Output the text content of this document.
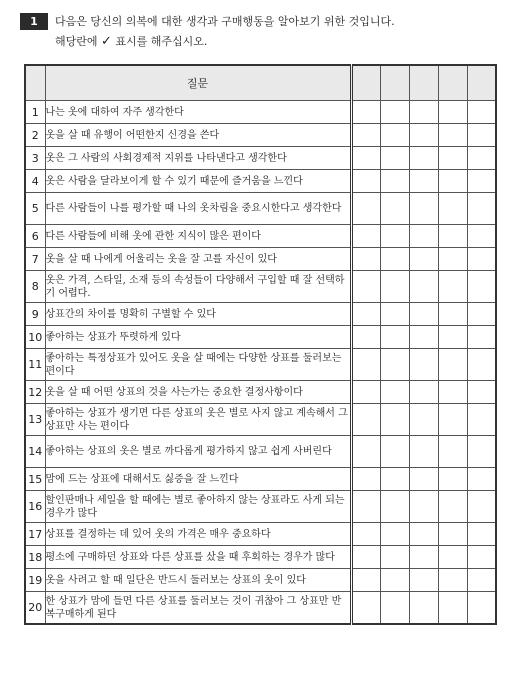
1	다음은 당신의 의복에 대한 생각과 구매행동을 알아보기 위한 것입니다.
해당란에 ✓ 표시를 해주십시오.
	질문					
1	나는 옷에 대하여 자주 생각한다					
2	옷을 살 때 유행이 어떤한지 신경을 쓴다					
3	옷은 그 사람의 사회경제적 지위를 나타낸다고 생각한다					
4	옷은 사람을 달라보이게 할 수 있기 때문에 즐거움을 느낀다					
5	다른 사람들이 나를 평가할 때 나의 옷차림을 중요시한다고 생각한다					
6	다른 사람들에 비해 옷에 관한 지식이 많은 편이다					
7	옷을 살 때 나에게 어울리는 옷을 잘 고를 자신이 있다					
8	옷은 가격, 스타일, 소재 등의 속성들이 다양해서 구입할 때 잘 선택하기 어렵다.					
9	상표간의 차이를 명확히 구별할 수 있다					
10	좋아하는 상표가 뚜렷하게 있다					
11	좋아하는 특정상표가 있어도 옷을 살 때에는 다양한 상표를 둘러보는 편이다					
12	옷을 살 때 어떤 상표의 것을 사는가는 중요한 결정사항이다					
13	좋아하는 상표가 생기면 다른 상표의 옷은 별로 사지 않고 계속해서 그 상표만 사는 편이다					
14	좋아하는 상표의 옷은 별로 까다롭게 평가하지 않고 쉽게 사버린다					
15	맘에 드는 상표에 대해서도 싫증을 잘 느낀다					
16	할인판매나 세일을 할 때에는 별로 좋아하지 않는 상표라도 사게 되는 경우가 많다					
17	상표를 결정하는 데 있어 옷의 가격은 매우 중요하다					
18	평소에 구매하던 상표와 다른 상표를 샀을 때 후회하는 경우가 많다					
19	옷을 사려고 할 때 일단은 반드시 둘러보는 상표의 옷이 있다					
20	한 상표가 맘에 들면 다른 상표를 둘러보는 것이 귀찮아 그 상표만 반복구매하게 된다					
